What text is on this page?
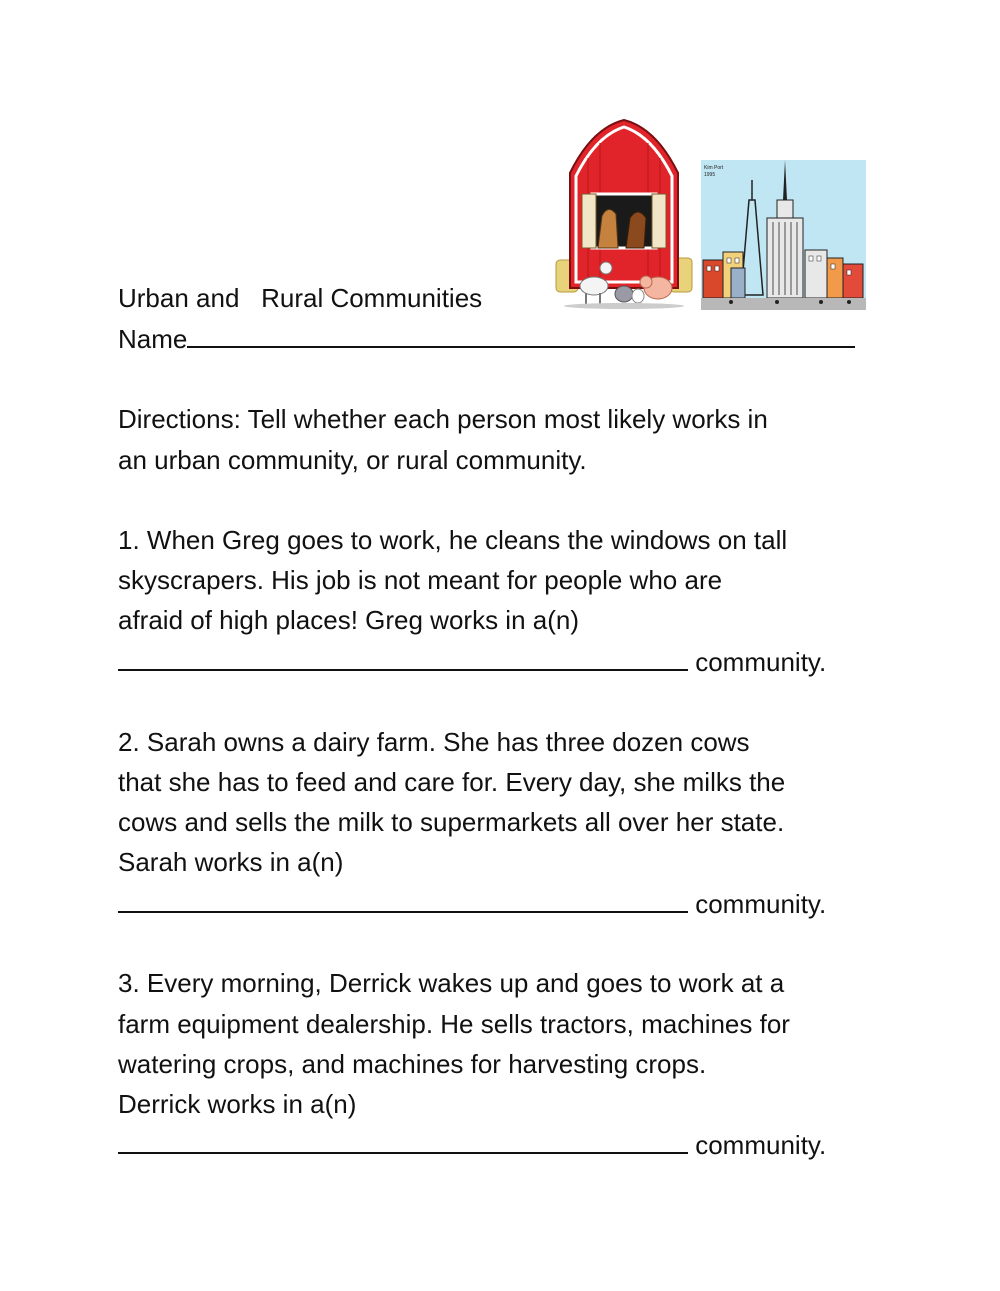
Kim Port
1995
Urban and   Rural Communities
Name
Directions: Tell whether each person most likely works in
an urban community, or rural community.
1. When Greg goes to work, he cleans the windows on tall
skyscrapers. His job is not meant for people who are
afraid of high places! Greg works in a(n)
community.
2. Sarah owns a dairy farm. She has three dozen cows
that she has to feed and care for. Every day, she milks the
cows and sells the milk to supermarkets all over her state.
Sarah works in a(n)
community.
3. Every morning, Derrick wakes up and goes to work at a
farm equipment dealership. He sells tractors, machines for
watering crops, and machines for harvesting crops.
Derrick works in a(n)
community.
